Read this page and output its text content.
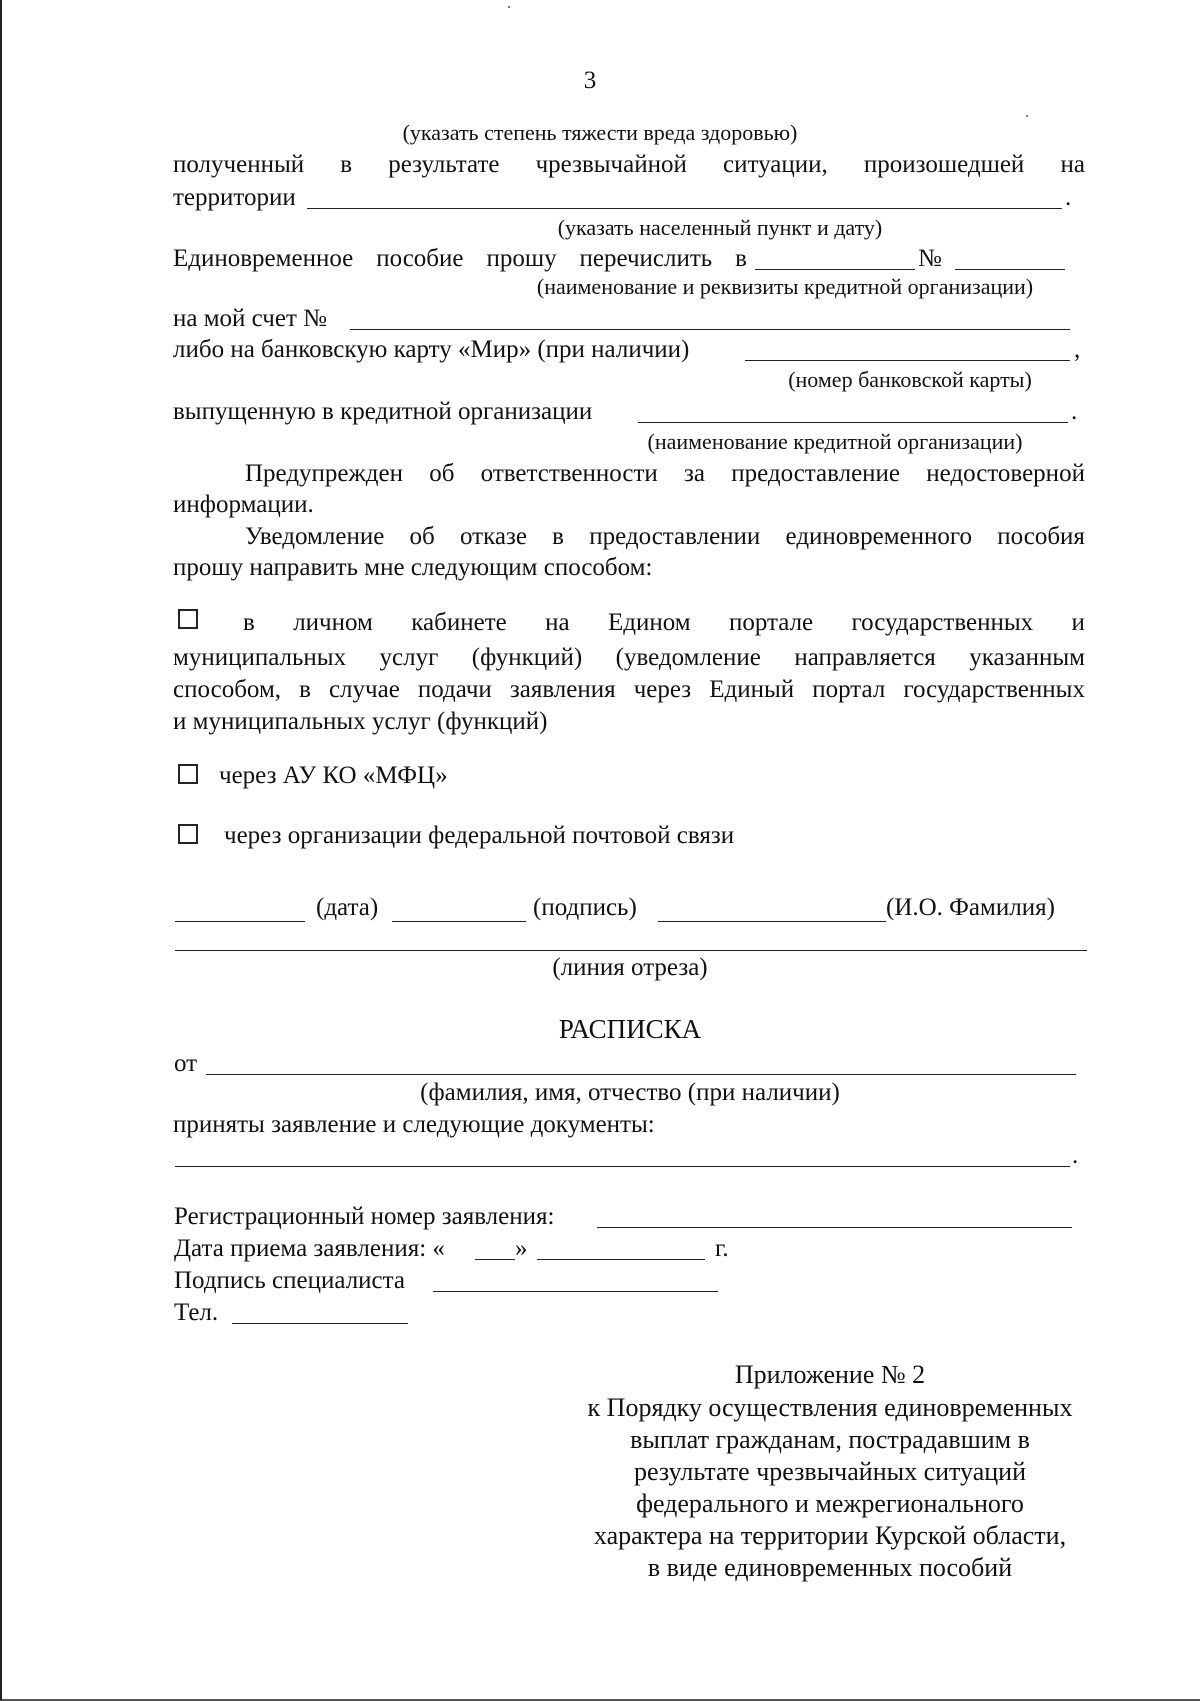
3
(указать степень тяжести вреда здоровью)
полученный в результате чрезвычайной ситуации, произошедшей на
территории	.
(указать населенный пункт и дату)
Единовременное пособие прошу перечислить в	№
(наименование и реквизиты кредитной организации)
на мой счет №
либо на банковскую карту «Мир» (при наличии)	,
(номер банковской карты)
выпущенную в кредитной организации	.
(наименование кредитной организации)
Предупрежден об ответственности за предоставление недостоверной
информации.
Уведомление об отказе в предоставлении единовременного пособия
прошу направить мне следующим способом:
в личном кабинете на Едином портале государственных и
муниципальных услуг (функций) (уведомление направляется указанным
способом, в случае подачи заявления через Единый портал государственных
и муниципальных услуг (функций)
через АУ КО «МФЦ»
через организации федеральной почтовой связи
(дата)	(подпись)	(И.О. Фамилия)
(линия отреза)
РАСПИСКА
от
(фамилия, имя, отчество (при наличии)
приняты заявление и следующие документы:
.
Регистрационный номер заявления:
Дата приема заявления: «	»	г.
Подпись специалиста
Тел.
Приложение № 2
к Порядку осуществления единовременных
выплат гражданам, пострадавшим в
результате чрезвычайных ситуаций
федерального и межрегионального
характера на территории Курской области,
в виде единовременных пособий
